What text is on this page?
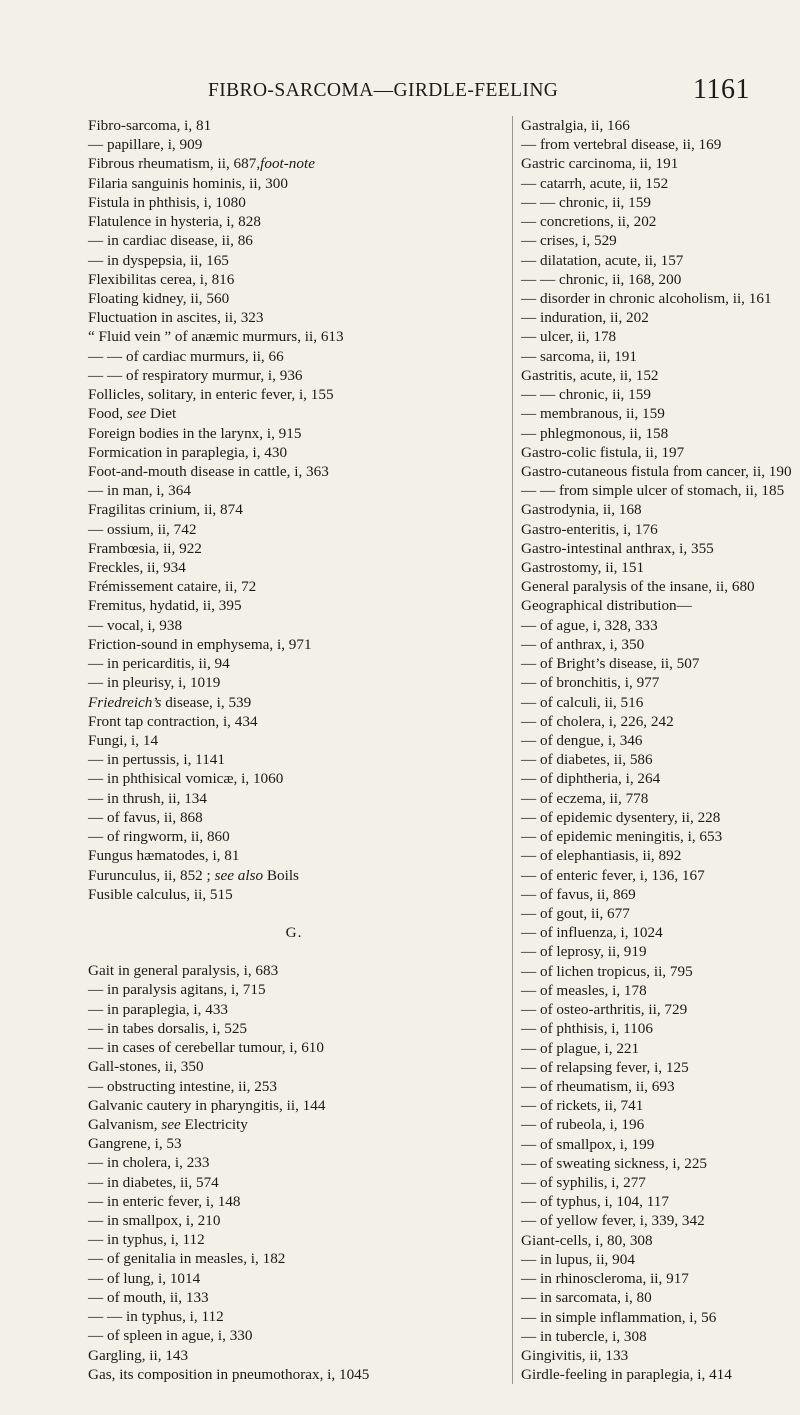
FIBRO-SARCOMA—GIRDLE-FEELING	1161
Fibro-sarcoma, i, 81
— papillare, i, 909
Fibrous rheumatism, ii, 687,foot-note
Filaria sanguinis hominis, ii, 300
Fistula in phthisis, i, 1080
Flatulence in hysteria, i, 828
— in cardiac disease, ii, 86
— in dyspepsia, ii, 165
Flexibilitas cerea, i, 816
Floating kidney, ii, 560
Fluctuation in ascites, ii, 323
“ Fluid vein ” of anæmic murmurs, ii, 613
— — of cardiac murmurs, ii, 66
— — of respiratory murmur, i, 936
Follicles, solitary, in enteric fever, i, 155
Food, see Diet
Foreign bodies in the larynx, i, 915
Formication in paraplegia, i, 430
Foot-and-mouth disease in cattle, i, 363
— in man, i, 364
Fragilitas crinium, ii, 874
— ossium, ii, 742
Frambœsia, ii, 922
Freckles, ii, 934
Frémissement cataire, ii, 72
Fremitus, hydatid, ii, 395
— vocal, i, 938
Friction-sound in emphysema, i, 971
— in pericarditis, ii, 94
— in pleurisy, i, 1019
Friedreich’s disease, i, 539
Front tap contraction, i, 434
Fungi, i, 14
— in pertussis, i, 1141
— in phthisical vomicæ, i, 1060
— in thrush, ii, 134
— of favus, ii, 868
— of ringworm, ii, 860
Fungus hæmatodes, i, 81
Furunculus, ii, 852 ; see also Boils
Fusible calculus, ii, 515
G.
Gait in general paralysis, i, 683
— in paralysis agitans, i, 715
— in paraplegia, i, 433
— in tabes dorsalis, i, 525
— in cases of cerebellar tumour, i, 610
Gall-stones, ii, 350
— obstructing intestine, ii, 253
Galvanic cautery in pharyngitis, ii, 144
Galvanism, see Electricity
Gangrene, i, 53
— in cholera, i, 233
— in diabetes, ii, 574
— in enteric fever, i, 148
— in smallpox, i, 210
— in typhus, i, 112
— of genitalia in measles, i, 182
— of lung, i, 1014
— of mouth, ii, 133
— — in typhus, i, 112
— of spleen in ague, i, 330
Gargling, ii, 143
Gas, its composition in pneumothorax, i, 1045
Gastralgia, ii, 166
— from vertebral disease, ii, 169
Gastric carcinoma, ii, 191
— catarrh, acute, ii, 152
— — chronic, ii, 159
— concretions, ii, 202
— crises, i, 529
— dilatation, acute, ii, 157
— — chronic, ii, 168, 200
— disorder in chronic alcoholism, ii, 161
— induration, ii, 202
— ulcer, ii, 178
— sarcoma, ii, 191
Gastritis, acute, ii, 152
— — chronic, ii, 159
— membranous, ii, 159
— phlegmonous, ii, 158
Gastro-colic fistula, ii, 197
Gastro-cutaneous fistula from cancer, ii, 190
— — from simple ulcer of stomach, ii, 185
Gastrodynia, ii, 168
Gastro-enteritis, i, 176
Gastro-intestinal anthrax, i, 355
Gastrostomy, ii, 151
General paralysis of the insane, ii, 680
Geographical distribution—
— of ague, i, 328, 333
— of anthrax, i, 350
— of Bright’s disease, ii, 507
— of bronchitis, i, 977
— of calculi, ii, 516
— of cholera, i, 226, 242
— of dengue, i, 346
— of diabetes, ii, 586
— of diphtheria, i, 264
— of eczema, ii, 778
— of epidemic dysentery, ii, 228
— of epidemic meningitis, i, 653
— of elephantiasis, ii, 892
— of enteric fever, i, 136, 167
— of favus, ii, 869
— of gout, ii, 677
— of influenza, i, 1024
— of leprosy, ii, 919
— of lichen tropicus, ii, 795
— of measles, i, 178
— of osteo-arthritis, ii, 729
— of phthisis, i, 1106
— of plague, i, 221
— of relapsing fever, i, 125
— of rheumatism, ii, 693
— of rickets, ii, 741
— of rubeola, i, 196
— of smallpox, i, 199
— of sweating sickness, i, 225
— of syphilis, i, 277
— of typhus, i, 104, 117
— of yellow fever, i, 339, 342
Giant-cells, i, 80, 308
— in lupus, ii, 904
— in rhinoscleroma, ii, 917
— in sarcomata, i, 80
— in simple inflammation, i, 56
— in tubercle, i, 308
Gingivitis, ii, 133
Girdle-feeling in paraplegia, i, 414
